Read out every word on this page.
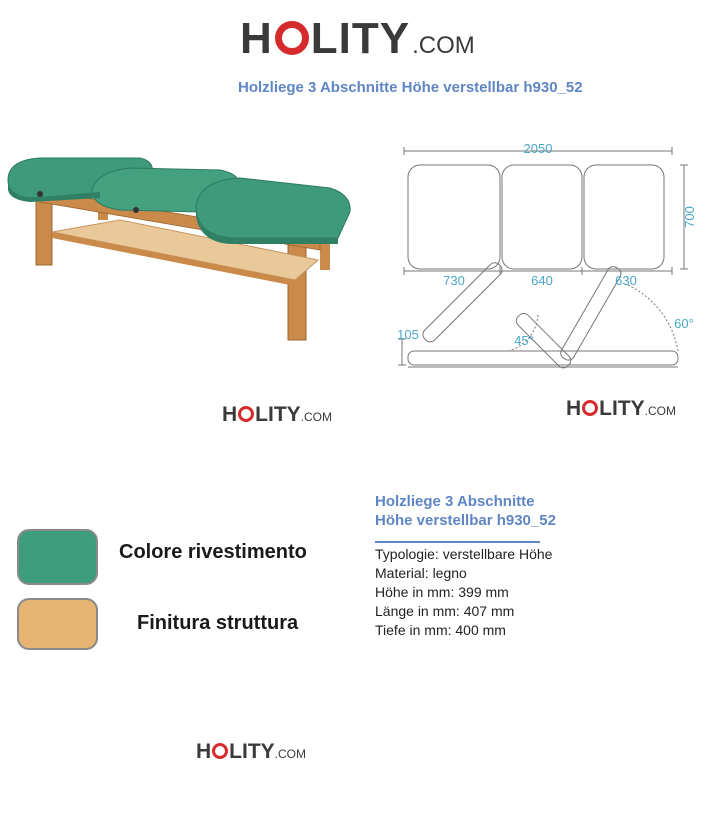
H LITY .COM
Holzliege 3 Abschnitte Höhe verstellbar h930_52
2050
700
730	640	630
105	45°
60°
H LITY .COM	H LITY .COM
Colore rivestimento
Finitura struttura
Holzliege 3 Abschnitte
Höhe verstellbar h930_52
Typologie: verstellbare Höhe
Material: legno
Höhe in mm: 399 mm
Länge in mm: 407 mm
Tiefe in mm: 400 mm
H LITY .COM
